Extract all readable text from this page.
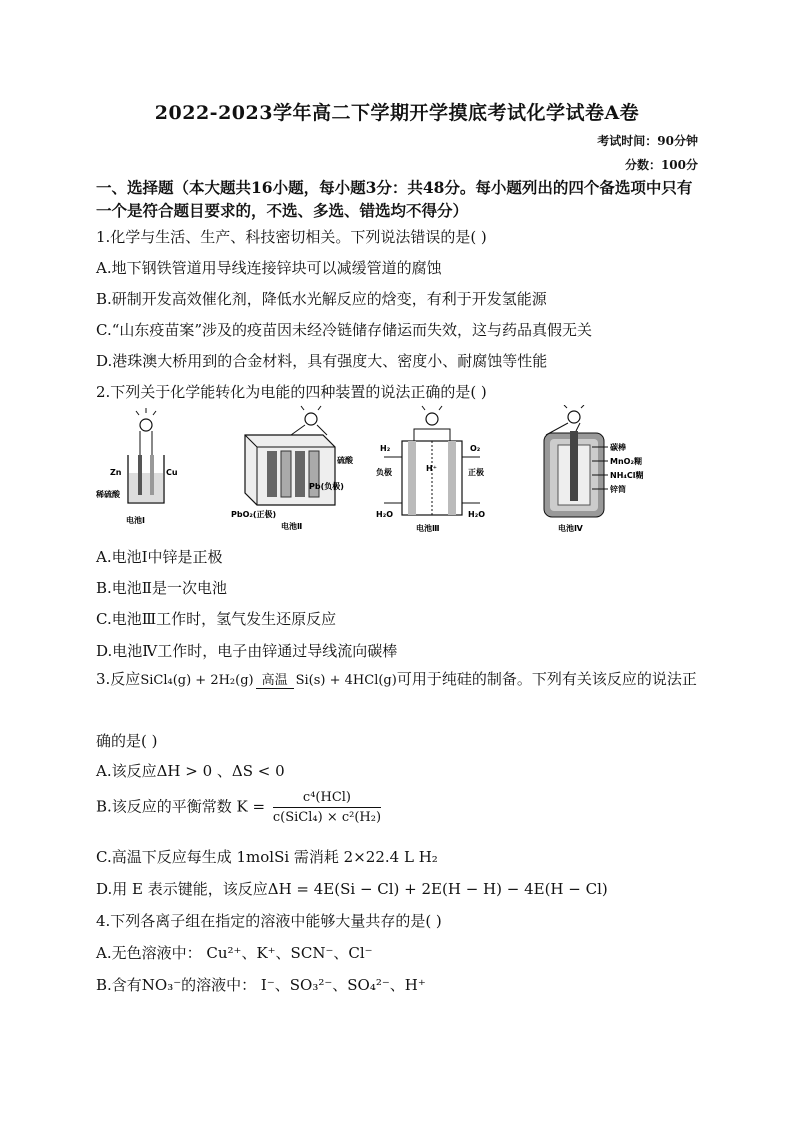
2022-2023学年高二下学期开学摸底考试化学试卷A卷
考试时间：90分钟
分数：100分
一、选择题（本大题共16小题，每小题3分：共48分。每小题列出的四个备选项中只有一个是符合题目要求的，不选、多选、错选均不得分）
1.化学与生活、生产、科技密切相关。下列说法错误的是( )
A.地下钢铁管道用导线连接锌块可以减缓管道的腐蚀
B.研制开发高效催化剂，降低水光解反应的焓变，有利于开发氢能源
C.“山东疫苗案”涉及的疫苗因未经冷链储存储运而失效，这与药品真假无关
D.港珠澳大桥用到的合金材料，具有强度大、密度小、耐腐蚀等性能
2.下列关于化学能转化为电能的四种装置的说法正确的是( )
Zn	Cu
稀硫酸
电池Ⅰ
硫酸
PbO₂(正极)
Pb(负极)
电池Ⅱ
H₂	O₂
负极	正极
H⁺
H₂O	H₂O
电池Ⅲ
碳棒
MnO₂糊
NH₄Cl糊
锌筒
电池Ⅳ
A.电池Ⅰ中锌是正极
B.电池Ⅱ是一次电池
C.电池Ⅲ工作时，氢气发生还原反应
D.电池Ⅳ工作时，电子由锌通过导线流向碳棒
3.反应SiCl₄(g) + 2H₂(g) 高温 Si(s) + 4HCl(g)可用于纯硅的制备。下列有关该反应的说法正
确的是( )
A.该反应ΔH > 0 、ΔS < 0
B.该反应的平衡常数 $K = \frac{\text{c⁴(HCl)}}{\text{c(SiCl₄) × c²(H₂)}}$
C.高温下反应每生成 1molSi 需消耗 2×22.4 L H₂
D.用 E 表示键能，该反应ΔH = 4E(Si − Cl) + 2E(H − H) − 4E(H − Cl)
4.下列各离子组在指定的溶液中能够大量共存的是( )
A.无色溶液中： Cu²⁺、K⁺、SCN⁻、Cl⁻
B.含有NO₃⁻的溶液中： I⁻、SO₃²⁻、SO₄²⁻、H⁺
